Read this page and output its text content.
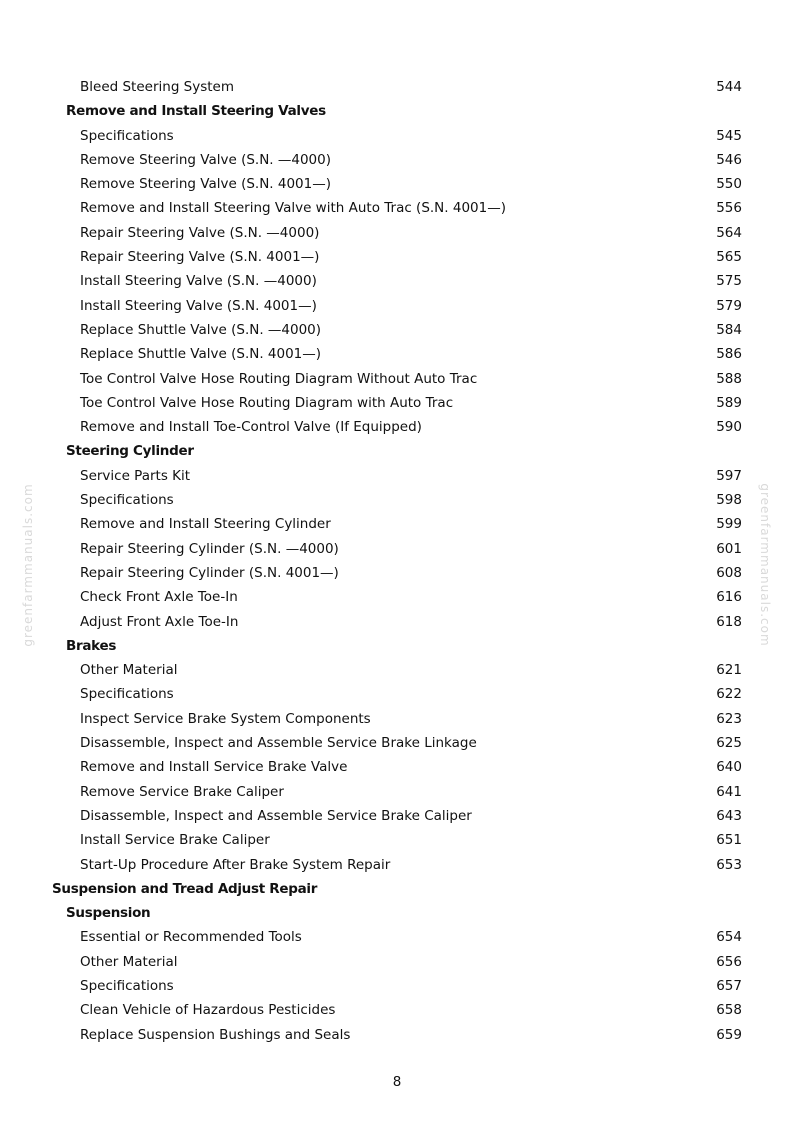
Bleed Steering System	544
Remove and Install Steering Valves
Specifications	545
Remove Steering Valve (S.N. —4000)	546
Remove Steering Valve (S.N. 4001—)	550
Remove and Install Steering Valve with Auto Trac (S.N. 4001—)	556
Repair Steering Valve (S.N. —4000)	564
Repair Steering Valve (S.N. 4001—)	565
Install Steering Valve (S.N. —4000)	575
Install Steering Valve (S.N. 4001—)	579
Replace Shuttle Valve (S.N. —4000)	584
Replace Shuttle Valve (S.N. 4001—)	586
Toe Control Valve Hose Routing Diagram Without Auto Trac	588
Toe Control Valve Hose Routing Diagram with Auto Trac	589
Remove and Install Toe-Control Valve (If Equipped)	590
Steering Cylinder
Service Parts Kit	597
Specifications	598
Remove and Install Steering Cylinder	599
Repair Steering Cylinder (S.N. —4000)	601
Repair Steering Cylinder (S.N. 4001—)	608
Check Front Axle Toe-In	616
Adjust Front Axle Toe-In	618
Brakes
Other Material	621
Specifications	622
Inspect Service Brake System Components	623
Disassemble, Inspect and Assemble Service Brake Linkage	625
Remove and Install Service Brake Valve	640
Remove Service Brake Caliper	641
Disassemble, Inspect and Assemble Service Brake Caliper	643
Install Service Brake Caliper	651
Start-Up Procedure After Brake System Repair	653
Suspension and Tread Adjust Repair
Suspension
Essential or Recommended Tools	654
Other Material	656
Specifications	657
Clean Vehicle of Hazardous Pesticides	658
Replace Suspension Bushings and Seals	659
8
greenfarmmanuals.com	greenfarmmanuals.com
